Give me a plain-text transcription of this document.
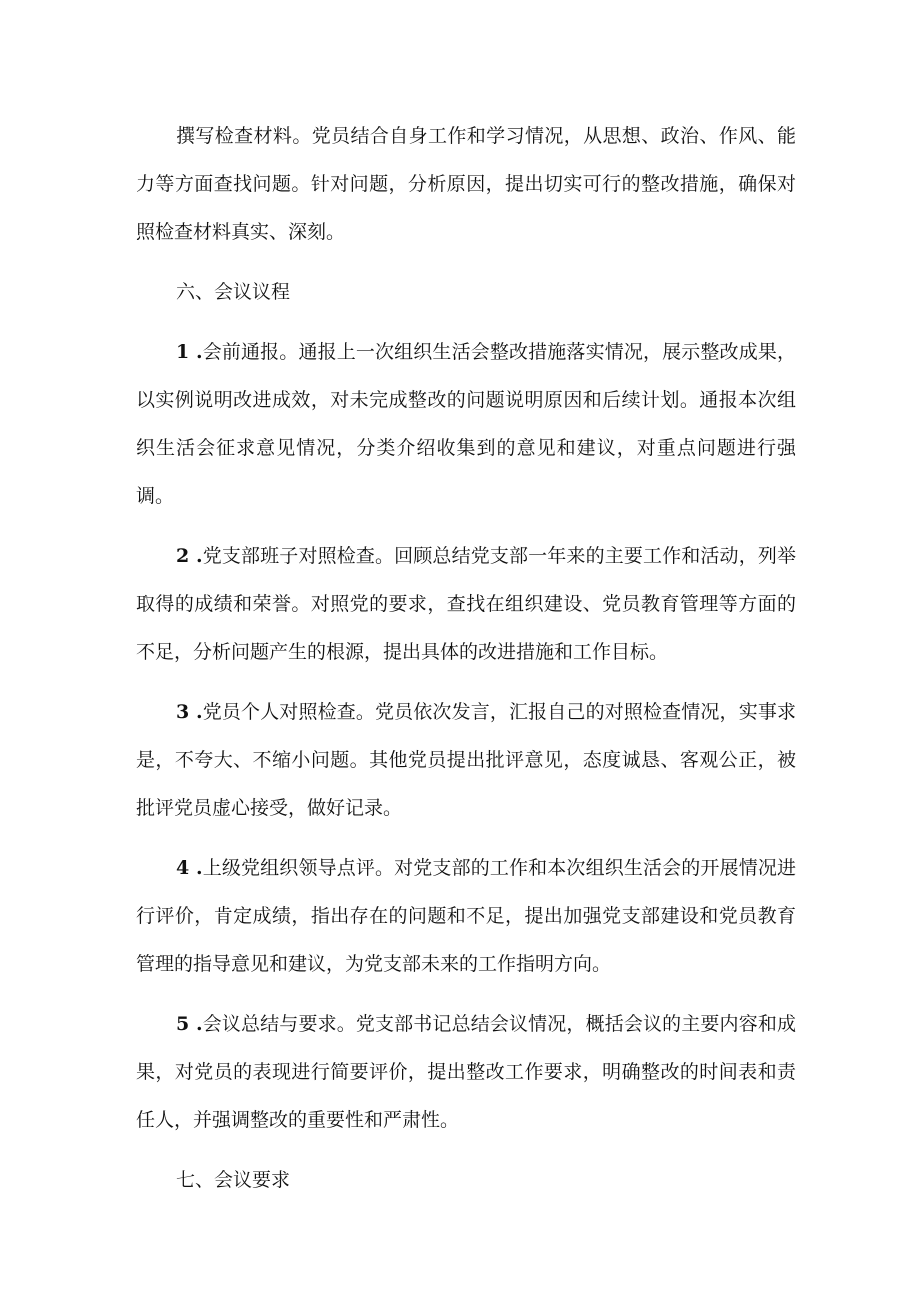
撰写检查材料。党员结合自身工作和学习情况，从思想、政治、作风、能力等方面查找问题。针对问题，分析原因，提出切实可行的整改措施，确保对照检查材料真实、深刻。

六、会议议程

1 .会前通报。通报上一次组织生活会整改措施落实情况，展示整改成果，以实例说明改进成效，对未完成整改的问题说明原因和后续计划。通报本次组织生活会征求意见情况，分类介绍收集到的意见和建议，对重点问题进行强调。

2 .党支部班子对照检查。回顾总结党支部一年来的主要工作和活动，列举取得的成绩和荣誉。对照党的要求，查找在组织建设、党员教育管理等方面的不足，分析问题产生的根源，提出具体的改进措施和工作目标。

3 .党员个人对照检查。党员依次发言，汇报自己的对照检查情况，实事求是，不夸大、不缩小问题。其他党员提出批评意见，态度诚恳、客观公正，被批评党员虚心接受，做好记录。

4 .上级党组织领导点评。对党支部的工作和本次组织生活会的开展情况进行评价，肯定成绩，指出存在的问题和不足，提出加强党支部建设和党员教育管理的指导意见和建议，为党支部未来的工作指明方向。

5 .会议总结与要求。党支部书记总结会议情况，概括会议的主要内容和成果，对党员的表现进行简要评价，提出整改工作要求，明确整改的时间表和责任人，并强调整改的重要性和严肃性。

七、会议要求
